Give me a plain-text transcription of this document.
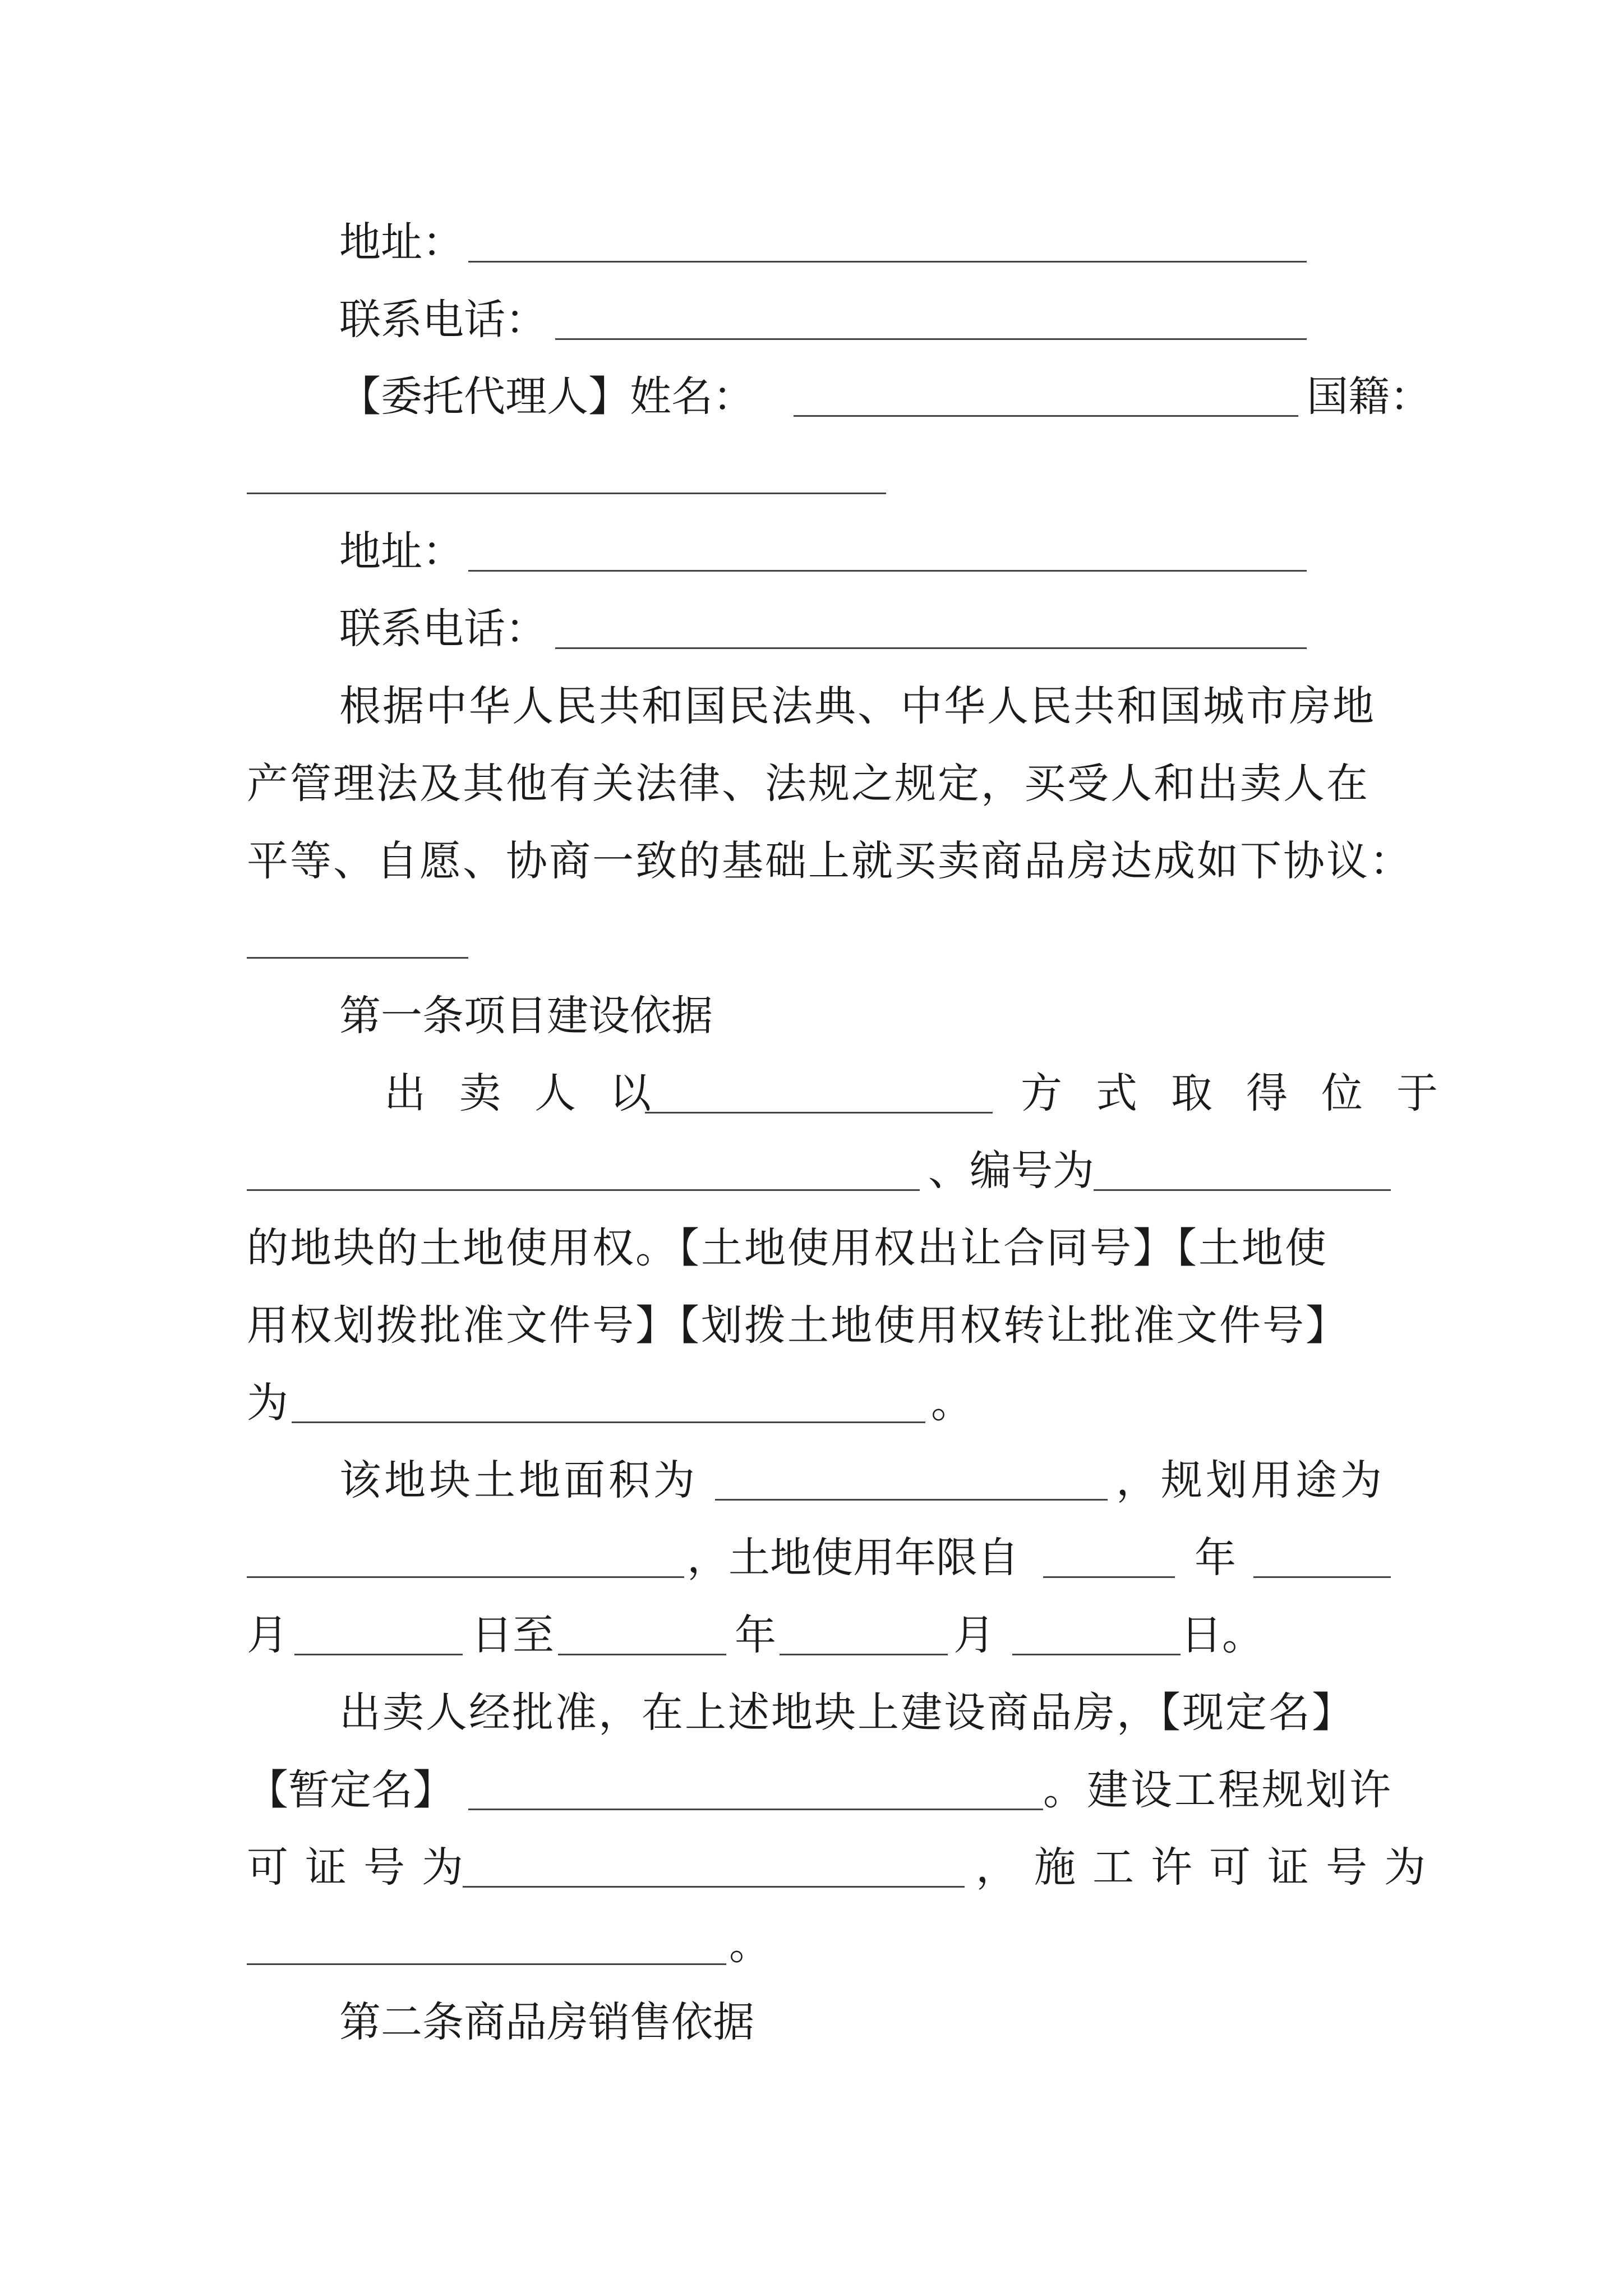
地址：
联系电话：
【委托代理人】姓名：	国籍：
地址：
联系电话：
根据中华人民共和国民法典、中华人民共和国城市房地
产管理法及其他有关法律、法规之规定，买受人和出卖人在
平等、自愿、协商一致的基础上就买卖商品房达成如下协议：
第一条项目建设依据
出卖人以	方式取得位于
、编号为
的地块的土地使用权。【土地使用权出让合同号】【土地使
用权划拨批准文件号】【划拨土地使用权转让批准文件号】
为	。
该地块土地面积为	，规划用途为
，土地使用年限自	年
月	日至	年	月	日。
出卖人经批准，在上述地块上建设商品房，【现定名】
【暂定名】	。建设工程规划许
可证号为	，施工许可证号为
。
第二条商品房销售依据
